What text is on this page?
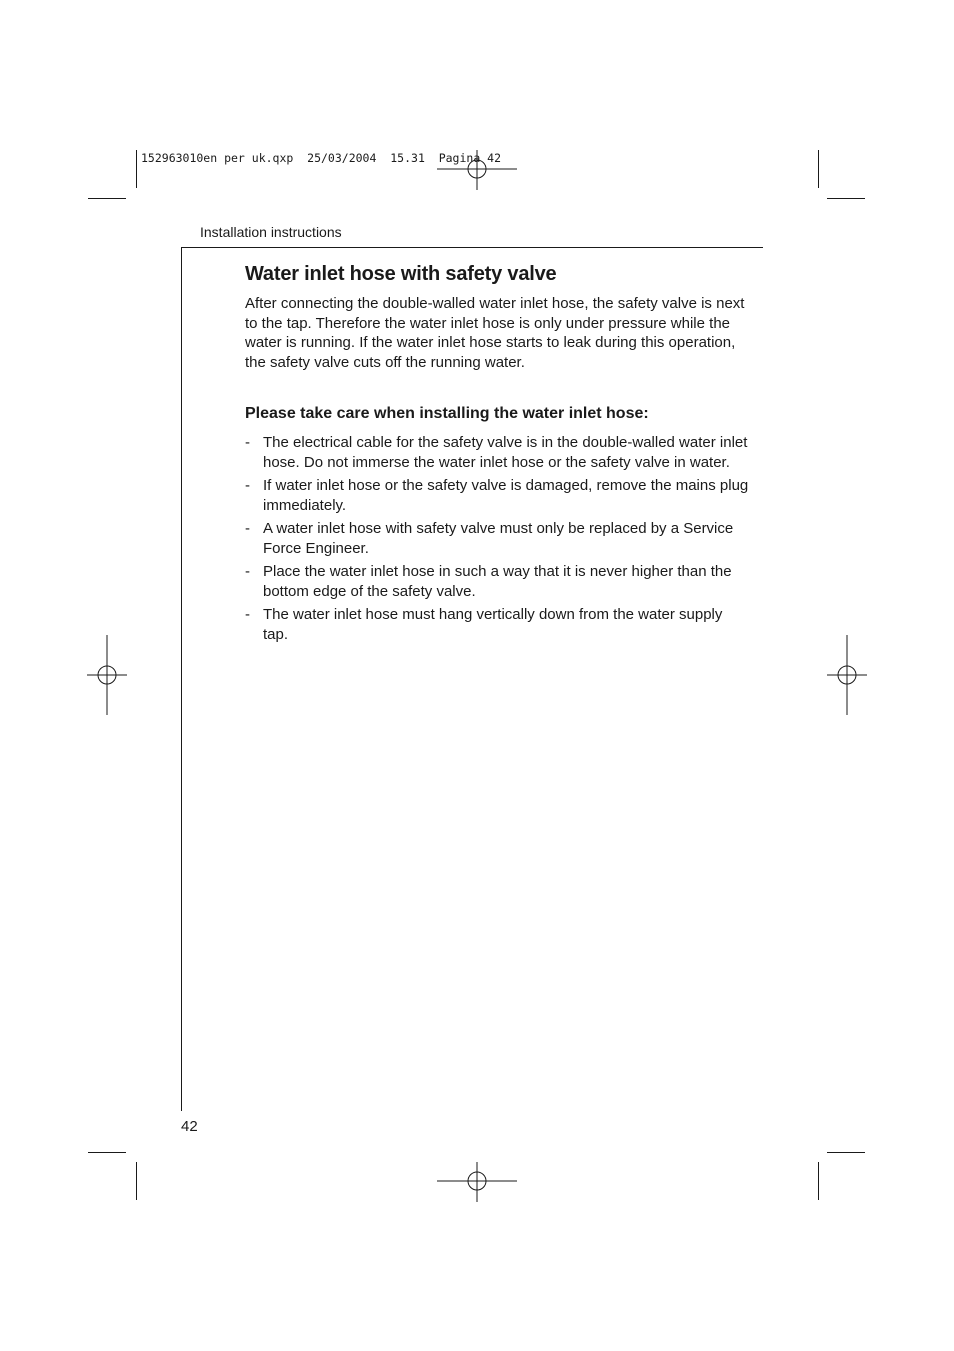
152963010en per uk.qxp  25/03/2004  15.31  Pagina 42
Installation instructions
Water inlet hose with safety valve

After connecting the double-walled water inlet hose, the safety valve is next to the tap. Therefore the water inlet hose is only under pressure while the water is running. If the water inlet hose starts to leak during this operation, the safety valve cuts off the running water.

Please take care when installing the water inlet hose:
- The electrical cable for the safety valve is in the double-walled water inlet hose. Do not immerse the water inlet hose or the safety valve in water.
- If water inlet hose or the safety valve is damaged, remove the mains plug immediately.
- A water inlet hose with safety valve must only be replaced by a Service Force Engineer.
- Place the water inlet hose in such a way that it is never higher than the bottom edge of the safety valve.
- The water inlet hose must hang vertically down from the water supply tap.
42
